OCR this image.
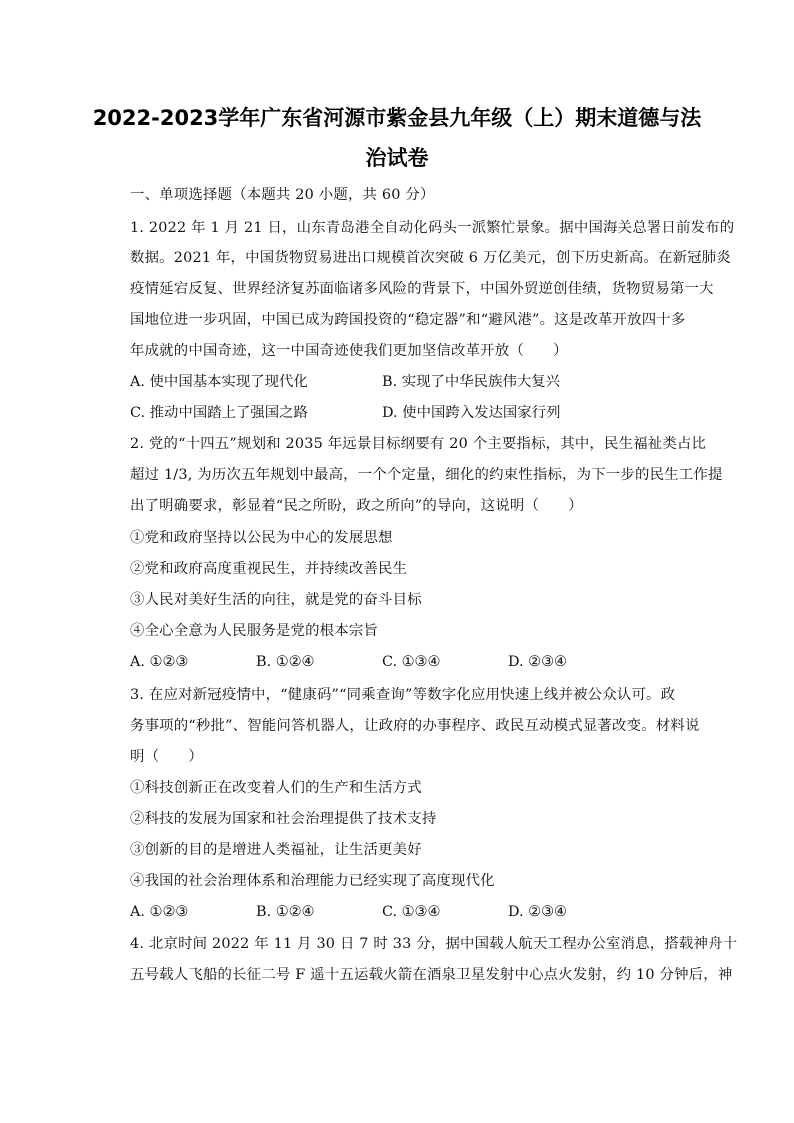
2022-2023学年广东省河源市紫金县九年级（上）期末道德与法
治试卷
一、单项选择题（本题共 20 小题，共 60 分）
1. 2022 年 1 月 21 日，山东青岛港全自动化码头一派繁忙景象。据中国海关总署日前发布的
数据。2021 年，中国货物贸易进出口规模首次突破 6 万亿美元，创下历史新高。在新冠肺炎
疫情延宕反复、世界经济复苏面临诸多风险的背景下，中国外贸逆创佳绩，货物贸易第一大
国地位进一步巩固，中国已成为跨国投资的“稳定器”和“避风港”。这是改革开放四十多
年成就的中国奇迹，这一中国奇迹使我们更加坚信改革开放（　　）
A. 使中国基本实现了现代化	B. 实现了中华民族伟大复兴
C. 推动中国踏上了强国之路	D. 使中国跨入发达国家行列
2. 党的“十四五”规划和 2035 年远景目标纲要有 20 个主要指标，其中，民生福祉类占比
超过 1/3, 为历次五年规划中最高，一个个定量，细化的约束性指标，为下一步的民生工作提
出了明确要求，彰显着“民之所盼，政之所向”的导向，这说明（　　）
①党和政府坚持以公民为中心的发展思想
②党和政府高度重视民生，并持续改善民生
③人民对美好生活的向往，就是党的奋斗目标
④全心全意为人民服务是党的根本宗旨
A. ①②③	B. ①②④	C. ①③④	D. ②③④
3. 在应对新冠疫情中，“健康码”“同乘查询”等数字化应用快速上线并被公众认可。政
务事项的“秒批”、智能问答机器人，让政府的办事程序、政民互动模式显著改变。材料说
明（　　）
①科技创新正在改变着人们的生产和生活方式
②科技的发展为国家和社会治理提供了技术支持
③创新的目的是增进人类福祉，让生活更美好
④我国的社会治理体系和治理能力已经实现了高度现代化
A. ①②③	B. ①②④	C. ①③④	D. ②③④
4. 北京时间 2022 年 11 月 30 日 7 时 33 分，据中国载人航天工程办公室消息，搭载神舟十
五号载人飞船的长征二号 F 遥十五运载火箭在酒泉卫星发射中心点火发射，约 10 分钟后，神
